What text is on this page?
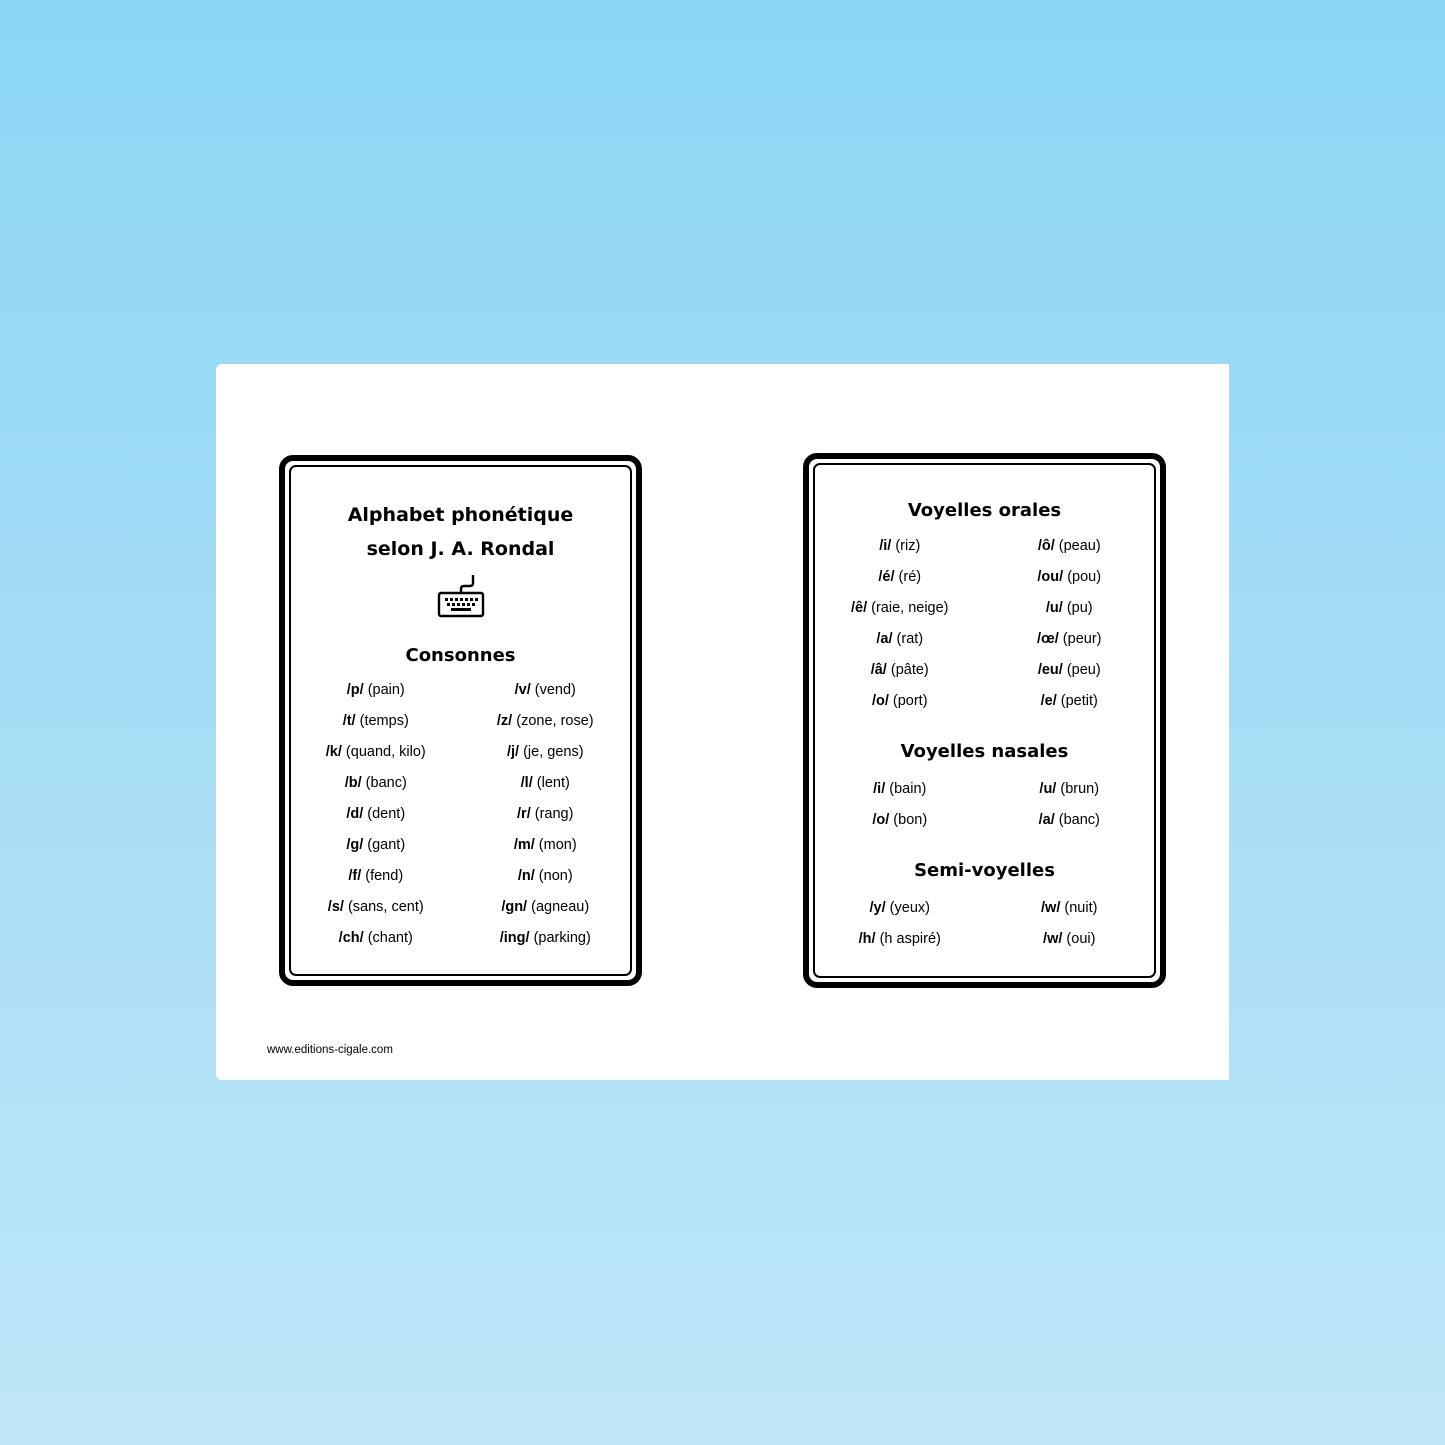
Alphabet phonétique
selon J. A. Rondal
Consonnes
/p/ (pain)	/v/ (vend)
/t/ (temps)	/z/ (zone, rose)
/k/ (quand, kilo)	/j/ (je, gens)
/b/ (banc)	/l/ (lent)
/d/ (dent)	/r/ (rang)
/g/ (gant)	/m/ (mon)
/f/ (fend)	/n/ (non)
/s/ (sans, cent)	/gn/ (agneau)
/ch/ (chant)	/ing/ (parking)
Voyelles orales
/i/ (riz)	/ô/ (peau)
/é/ (ré)	/ou/ (pou)
/ê/ (raie, neige)	/u/ (pu)
/a/ (rat)	/œ/ (peur)
/â/ (pâte)	/eu/ (peu)
/o/ (port)	/e/ (petit)
Voyelles nasales
/i/ (bain)	/u/ (brun)
/o/ (bon)	/a/ (banc)
Semi-voyelles
/y/ (yeux)	/w/ (nuit)
/h/ (h aspiré)	/w/ (oui)
www.editions-cigale.com
